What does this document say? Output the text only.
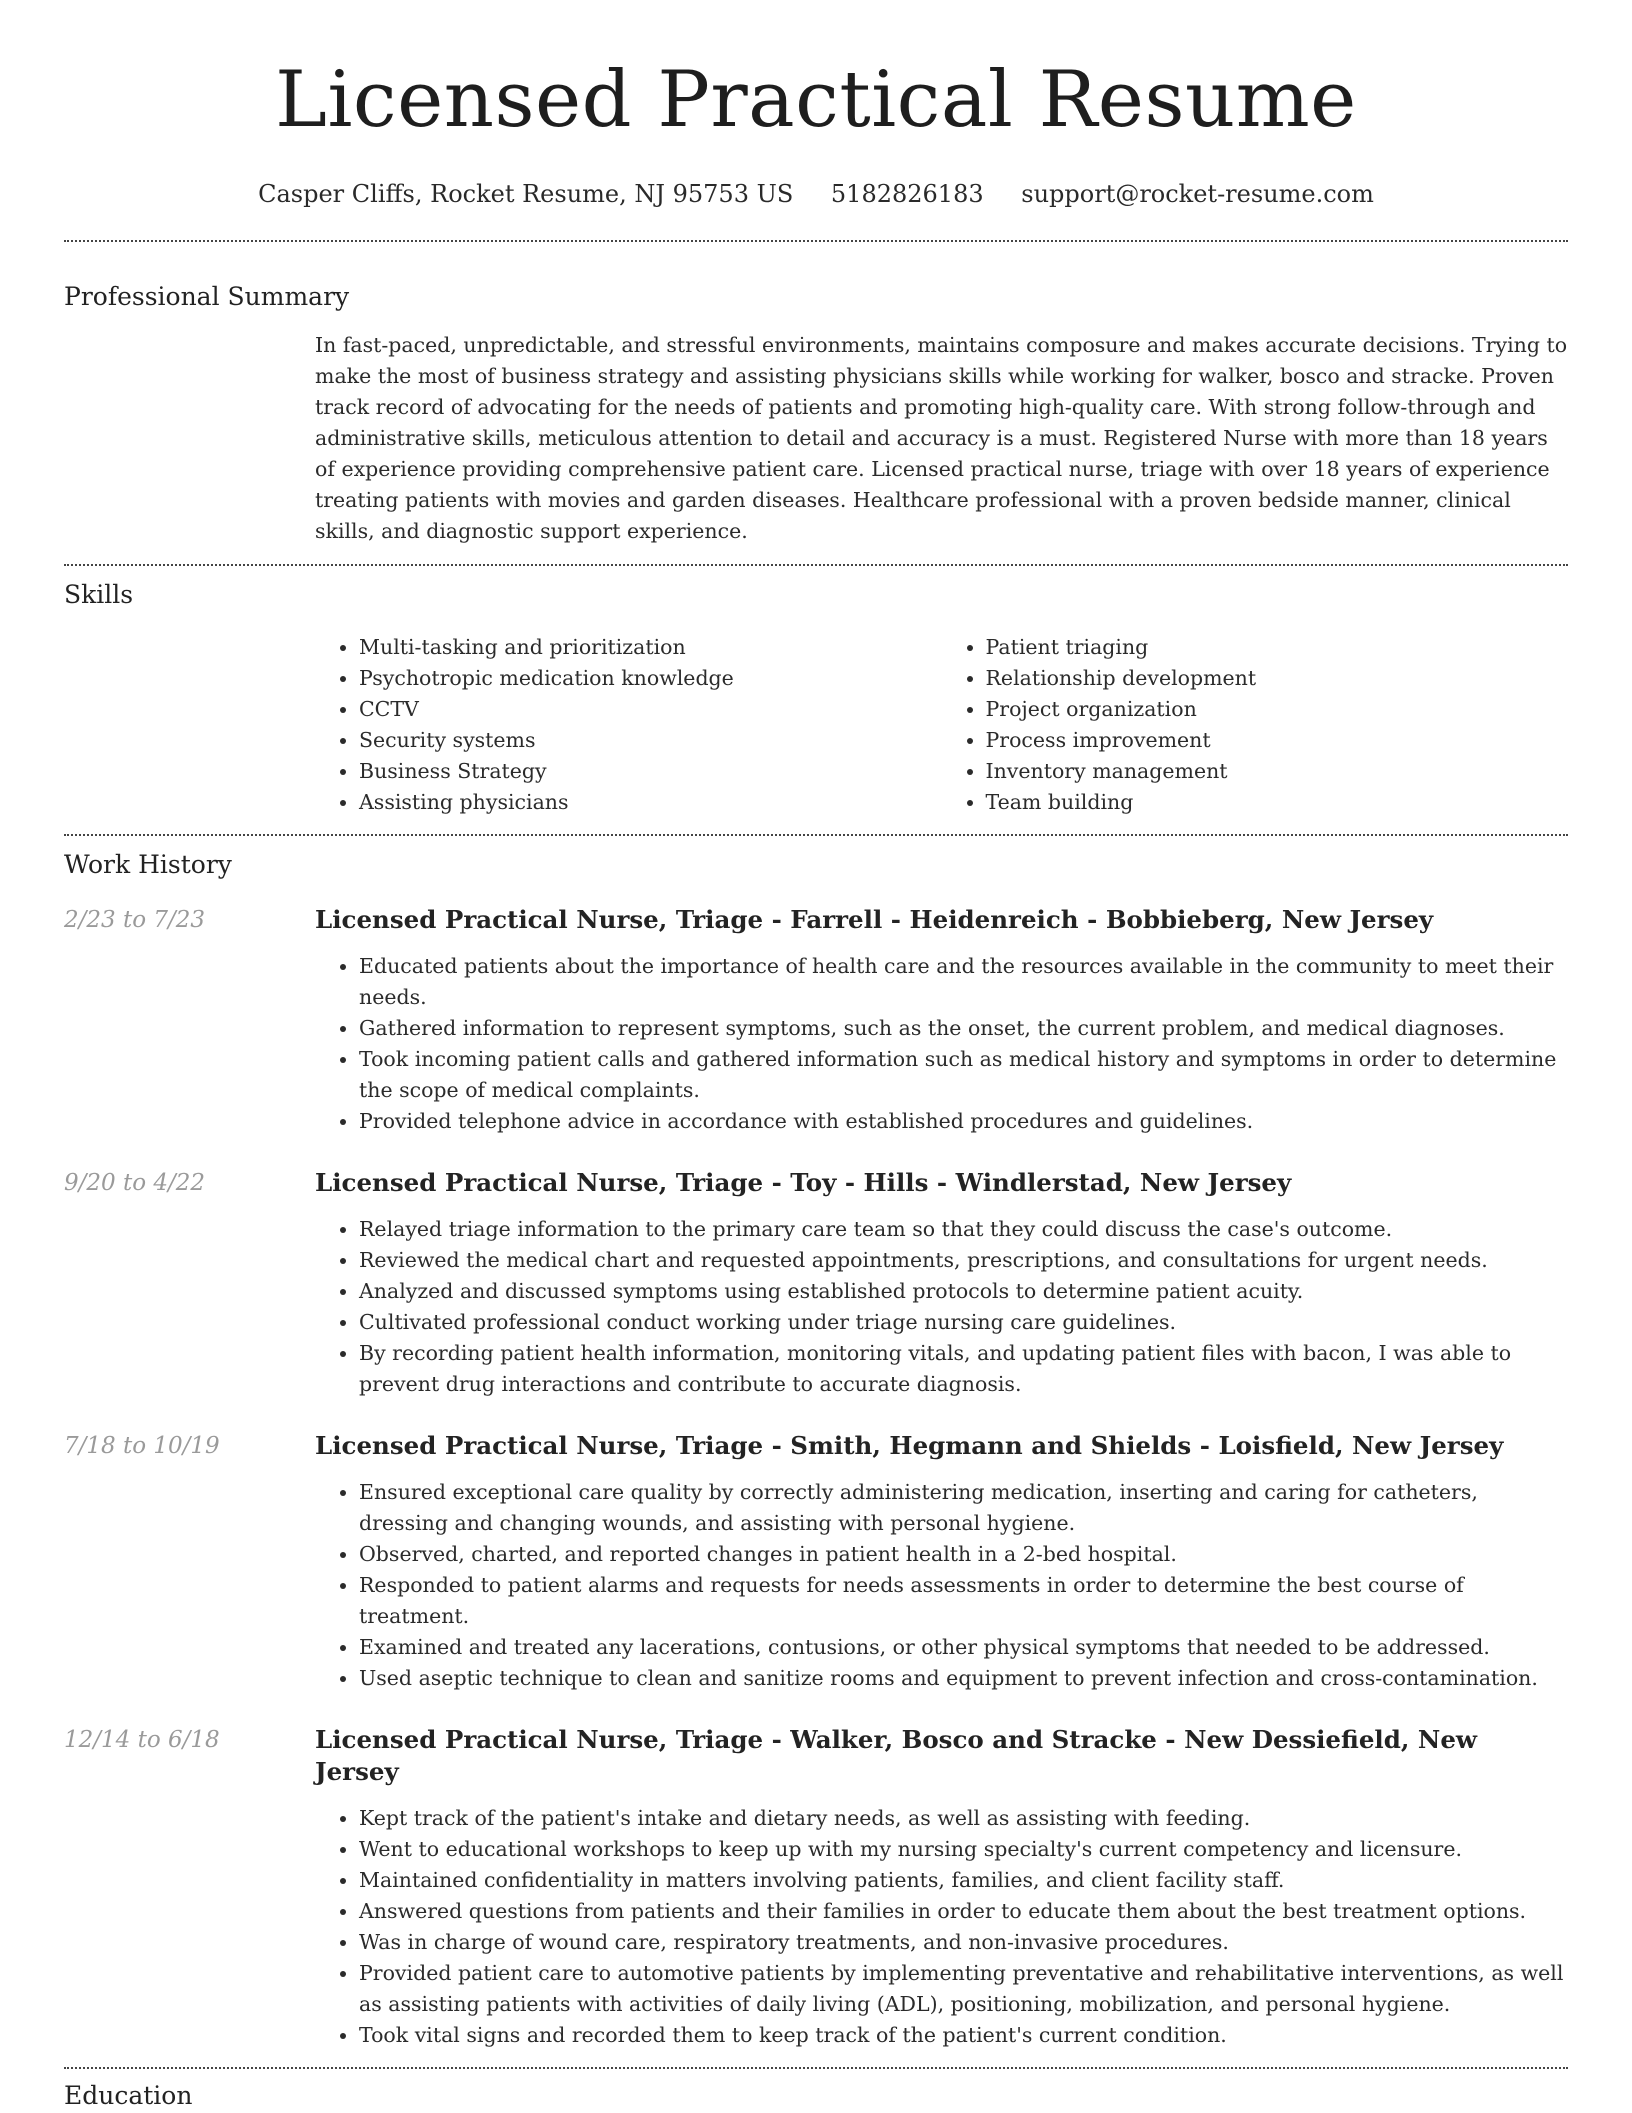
Licensed Practical Resume
Casper Cliffs, Rocket Resume, NJ 95753 US 5182826183 support@rocket-resume.com
Professional Summary

In fast-paced, unpredictable, and stressful environments, maintains composure and makes accurate decisions. Trying to make the most of business strategy and assisting physicians skills while working for walker, bosco and stracke. Proven track record of advocating for the needs of patients and promoting high-quality care. With strong follow-through and administrative skills, meticulous attention to detail and accuracy is a must. Registered Nurse with more than 18 years of experience providing comprehensive patient care. Licensed practical nurse, triage with over 18 years of experience treating patients with movies and garden diseases. Healthcare professional with a proven bedside manner, clinical skills, and diagnostic support experience.

Skills
• Multi-tasking and prioritization
• Psychotropic medication knowledge
• CCTV
• Security systems
• Business Strategy
• Assisting physicians
• Patient triaging
• Relationship development
• Project organization
• Process improvement
• Inventory management
• Team building
Work History
2/23 to 7/23	Licensed Practical Nurse, Triage - Farrell - Heidenreich - Bobbieberg, New Jersey
• Educated patients about the importance of health care and the resources available in the community to meet their needs.
• Gathered information to represent symptoms, such as the onset, the current problem, and medical diagnoses.
• Took incoming patient calls and gathered information such as medical history and symptoms in order to determine the scope of medical complaints.
• Provided telephone advice in accordance with established procedures and guidelines.
9/20 to 4/22	Licensed Practical Nurse, Triage - Toy - Hills - Windlerstad, New Jersey
• Relayed triage information to the primary care team so that they could discuss the case's outcome.
• Reviewed the medical chart and requested appointments, prescriptions, and consultations for urgent needs.
• Analyzed and discussed symptoms using established protocols to determine patient acuity.
• Cultivated professional conduct working under triage nursing care guidelines.
• By recording patient health information, monitoring vitals, and updating patient files with bacon, I was able to prevent drug interactions and contribute to accurate diagnosis.
7/18 to 10/19	Licensed Practical Nurse, Triage - Smith, Hegmann and Shields - Loisfield, New Jersey
• Ensured exceptional care quality by correctly administering medication, inserting and caring for catheters, dressing and changing wounds, and assisting with personal hygiene.
• Observed, charted, and reported changes in patient health in a 2-bed hospital.
• Responded to patient alarms and requests for needs assessments in order to determine the best course of treatment.
• Examined and treated any lacerations, contusions, or other physical symptoms that needed to be addressed.
• Used aseptic technique to clean and sanitize rooms and equipment to prevent infection and cross-contamination.
12/14 to 6/18	Licensed Practical Nurse, Triage - Walker, Bosco and Stracke - New Dessiefield, New Jersey
• Kept track of the patient's intake and dietary needs, as well as assisting with feeding.
• Went to educational workshops to keep up with my nursing specialty's current competency and licensure.
• Maintained confidentiality in matters involving patients, families, and client facility staff.
• Answered questions from patients and their families in order to educate them about the best treatment options.
• Was in charge of wound care, respiratory treatments, and non-invasive procedures.
• Provided patient care to automotive patients by implementing preventative and rehabilitative interventions, as well as assisting patients with activities of daily living (ADL), positioning, mobilization, and personal hygiene.
• Took vital signs and recorded them to keep track of the patient's current condition.
Education
